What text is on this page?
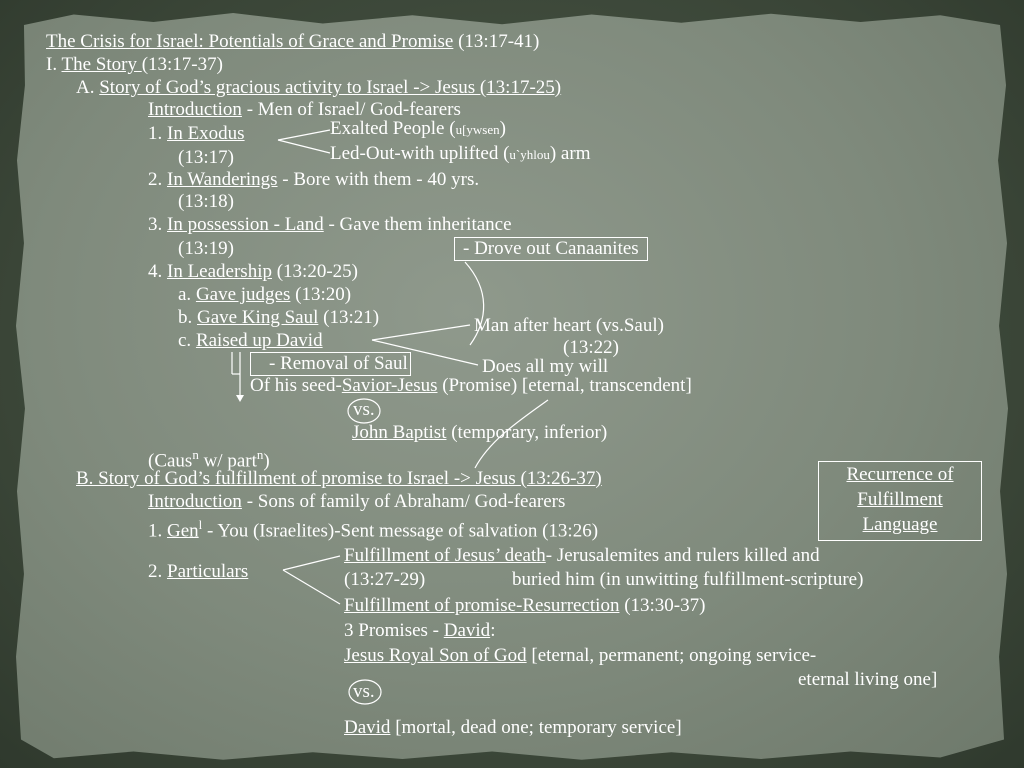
The Crisis for Israel: Potentials of Grace and Promise (13:17-41)
I. The Story (13:17-37)
A. Story of God’s gracious activity to Israel -> Jesus (13:17-25)
Introduction - Men of Israel/ God-fearers
1. In Exodus
(13:17)
Exalted People (u[ywsen)
Led-Out-with uplifted (u`yhlou) arm
2. In Wanderings - Bore with them - 40 yrs.
(13:18)
3. In possession - Land - Gave them inheritance
(13:19)	- Drove out Canaanites
4. In Leadership (13:20-25)
a. Gave judges (13:20)
b. Gave King Saul (13:21)
c. Raised up David
- Removal of Saul
Man after heart (vs.Saul)
(13:22)
Does all my will
Of his seed-Savior-Jesus (Promise) [eternal, transcendent]
vs.
John Baptist (temporary, inferior)
(Caus$^n$ w/ part$^n$)
B. Story of God’s fulfillment of promise to Israel -> Jesus (13:26-37)	Recurrence of
Fulfillment
Language
Introduction - Sons of family of Abraham/ God-fearers
1. Gen$^l$ - You (Israelites)-Sent message of salvation (13:26)
2. Particulars
Fulfillment of Jesus’ death- Jerusalemites and rulers killed and
(13:27-29)	buried him (in unwitting fulfillment-scripture)
Fulfillment of promise-Resurrection (13:30-37)
3 Promises - David:
Jesus Royal Son of God [eternal, permanent; ongoing service-
eternal living one]
vs.
David [mortal, dead one; temporary service]
